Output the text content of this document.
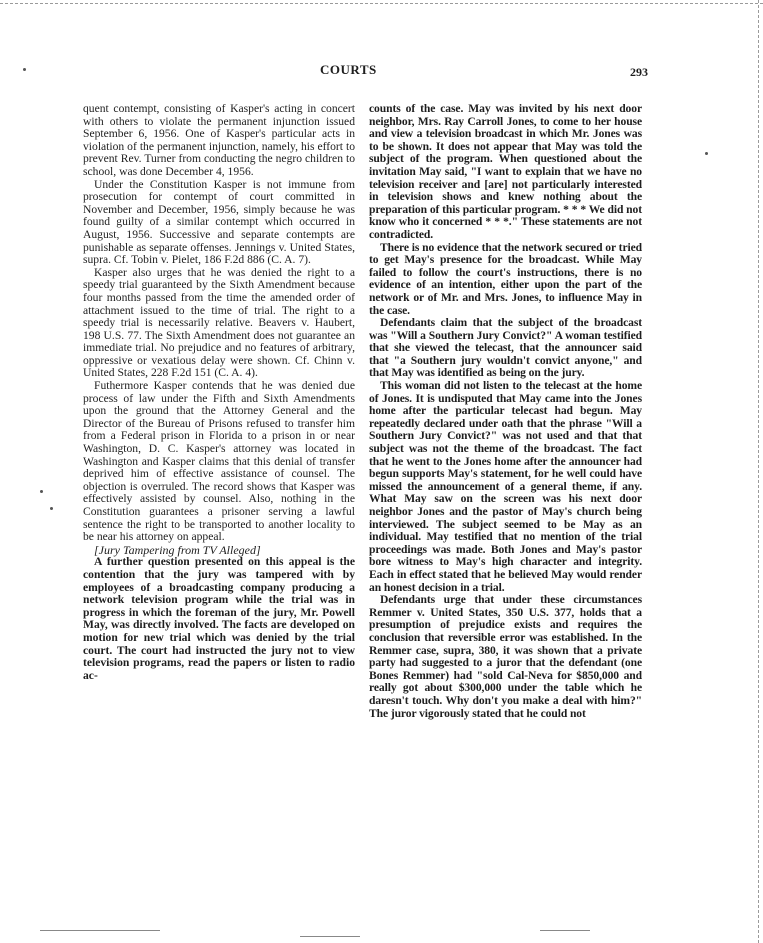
COURTS	293

quent contempt, consisting of Kasper's acting in concert with others to violate the permanent injunction issued September 6, 1956. One of Kasper's particular acts in violation of the permanent injunction, namely, his effort to prevent Rev. Turner from conducting the negro children to school, was done December 4, 1956.

Under the Constitution Kasper is not immune from prosecution for contempt of court committed in November and December, 1956, simply because he was found guilty of a similar contempt which occurred in August, 1956. Successive and separate contempts are punishable as separate offenses. Jennings v. United States, supra. Cf. Tobin v. Pielet, 186 F.2d 886 (C. A. 7).

Kasper also urges that he was denied the right to a speedy trial guaranteed by the Sixth Amendment because four months passed from the time the amended order of attachment issued to the time of trial. The right to a speedy trial is necessarily relative. Beavers v. Haubert, 198 U.S. 77. The Sixth Amendment does not guarantee an immediate trial. No prejudice and no features of arbitrary, oppressive or vexatious delay were shown. Cf. Chinn v. United States, 228 F.2d 151 (C. A. 4).

Futhermore Kasper contends that he was denied due process of law under the Fifth and Sixth Amendments upon the ground that the Attorney General and the Director of the Bureau of Prisons refused to transfer him from a Federal prison in Florida to a prison in or near Washington, D. C. Kasper's attorney was located in Washington and Kasper claims that this denial of transfer deprived him of effective assistance of counsel. The objection is overruled. The record shows that Kasper was effectively assisted by counsel. Also, nothing in the Constitution guarantees a prisoner serving a lawful sentence the right to be transported to another locality to be near his attorney on appeal.

[Jury Tampering from TV Alleged]

A further question presented on this appeal is the contention that the jury was tampered with by employees of a broadcasting company producing a network television program while the trial was in progress in which the foreman of the jury, Mr. Powell May, was directly involved. The facts are developed on motion for new trial which was denied by the trial court. The court had instructed the jury not to view television programs, read the papers or listen to radio ac-

counts of the case. May was invited by his next door neighbor, Mrs. Ray Carroll Jones, to come to her house and view a television broadcast in which Mr. Jones was to be shown. It does not appear that May was told the subject of the program. When questioned about the invitation May said, "I want to explain that we have no television receiver and [are] not particularly interested in television shows and knew nothing about the preparation of this particular program. * * * We did not know who it concerned * * *." These statements are not contradicted.

There is no evidence that the network secured or tried to get May's presence for the broadcast. While May failed to follow the court's instructions, there is no evidence of an intention, either upon the part of the network or of Mr. and Mrs. Jones, to influence May in the case.

Defendants claim that the subject of the broadcast was "Will a Southern Jury Convict?" A woman testified that she viewed the telecast, that the announcer said that "a Southern jury wouldn't convict anyone," and that May was identified as being on the jury.

This woman did not listen to the telecast at the home of Jones. It is undisputed that May came into the Jones home after the particular telecast had begun. May repeatedly declared under oath that the phrase "Will a Southern Jury Convict?" was not used and that that subject was not the theme of the broadcast. The fact that he went to the Jones home after the announcer had begun supports May's statement, for he well could have missed the announcement of a general theme, if any. What May saw on the screen was his next door neighbor Jones and the pastor of May's church being interviewed. The subject seemed to be May as an individual. May testified that no mention of the trial proceedings was made. Both Jones and May's pastor bore witness to May's high character and integrity. Each in effect stated that he believed May would render an honest decision in a trial.

Defendants urge that under these circumstances Remmer v. United States, 350 U.S. 377, holds that a presumption of prejudice exists and requires the conclusion that reversible error was established. In the Remmer case, supra, 380, it was shown that a private party had suggested to a juror that the defendant (one Bones Remmer) had "sold Cal-Neva for $850,000 and really got about $300,000 under the table which he daresn't touch. Why don't you make a deal with him?" The juror vigorously stated that he could not
